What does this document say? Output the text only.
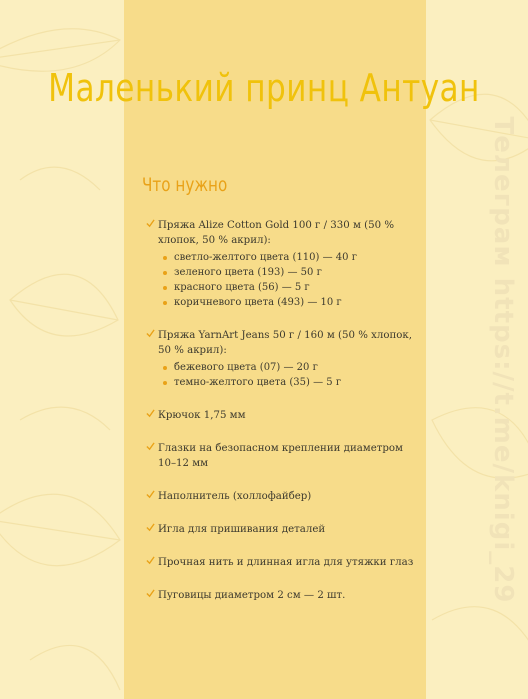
Маленький принц Антуан
Телеграм https://t.me/knigi_29
Что нужно
Пряжа Alize Cotton Gold 100 г / 330 м (50 % хлопок, 50 % акрил):
светло-желтого цвета (110) — 40 г
зеленого цвета (193) — 50 г
красного цвета (56) — 5 г
коричневого цвета (493) — 10 г
Пряжа YarnArt Jeans 50 г / 160 м (50 % хлопок, 50 % акрил):
бежевого цвета (07) — 20 г
темно-желтого цвета (35) — 5 г
Крючок 1,75 мм
Глазки на безопасном креплении диаметром 10–12 мм
Наполнитель (холлофайбер)
Игла для пришивания деталей
Прочная нить и длинная игла для утяжки глаз
Пуговицы диаметром 2 см — 2 шт.
